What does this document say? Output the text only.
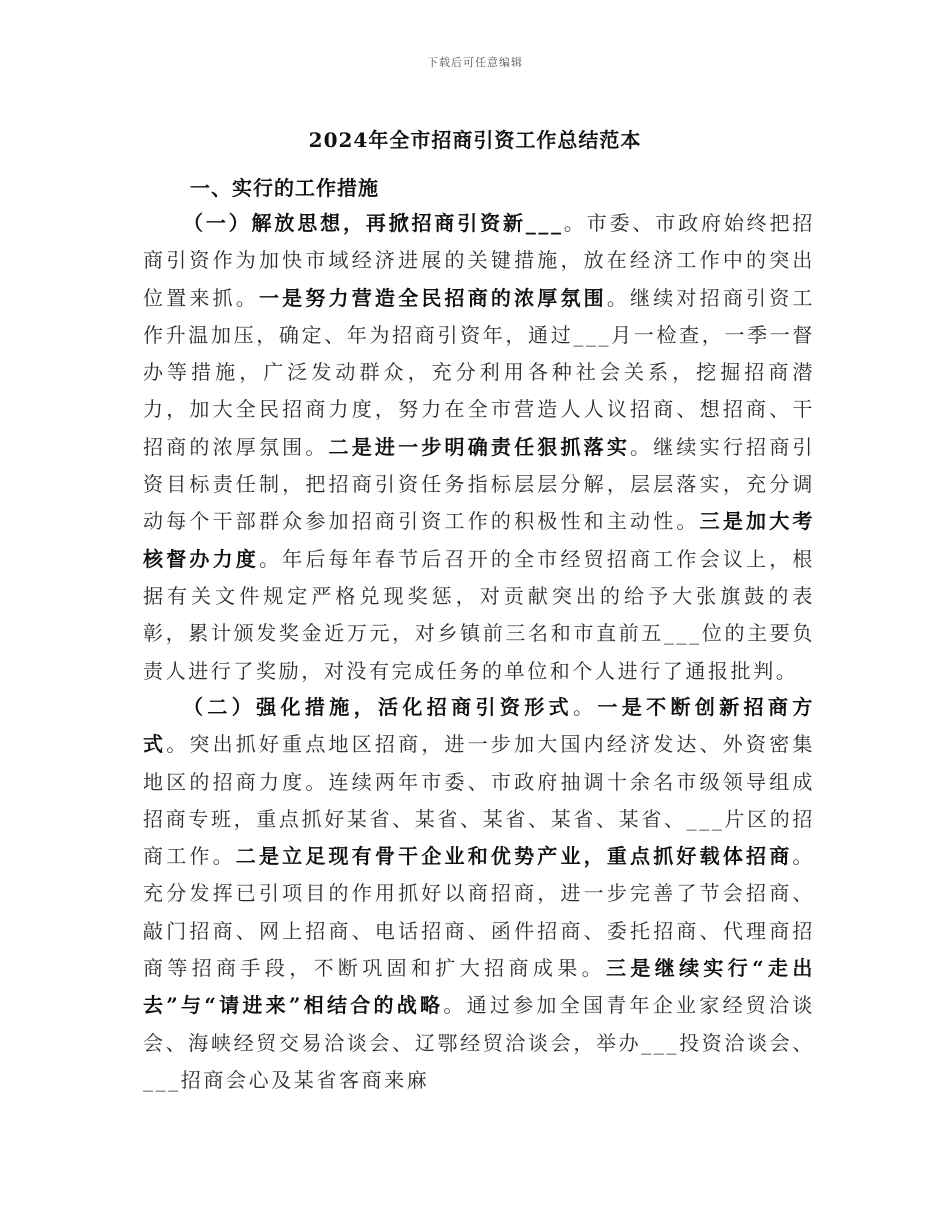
下载后可任意编辑
2024年全市招商引资工作总结范本
一、实行的工作措施

（一）解放思想，再掀招商引资新___。市委、市政府始终把招商引资作为加快市域经济进展的关键措施，放在经济工作中的突出位置来抓。一是努力营造全民招商的浓厚氛围。继续对招商引资工作升温加压，确定、年为招商引资年，通过___月一检查，一季一督办等措施，广泛发动群众，充分利用各种社会关系，挖掘招商潜力，加大全民招商力度，努力在全市营造人人议招商、想招商、干招商的浓厚氛围。二是进一步明确责任狠抓落实。继续实行招商引资目标责任制，把招商引资任务指标层层分解，层层落实，充分调动每个干部群众参加招商引资工作的积极性和主动性。三是加大考核督办力度。年后每年春节后召开的全市经贸招商工作会议上，根据有关文件规定严格兑现奖惩，对贡献突出的给予大张旗鼓的表彰，累计颁发奖金近万元，对乡镇前三名和市直前五___位的主要负责人进行了奖励，对没有完成任务的单位和个人进行了通报批判。

（二）强化措施，活化招商引资形式。一是不断创新招商方式。突出抓好重点地区招商，进一步加大国内经济发达、外资密集地区的招商力度。连续两年市委、市政府抽调十余名市级领导组成招商专班，重点抓好某省、某省、某省、某省、某省、___片区的招商工作。二是立足现有骨干企业和优势产业，重点抓好载体招商。充分发挥已引项目的作用抓好以商招商，进一步完善了节会招商、敲门招商、网上招商、电话招商、函件招商、委托招商、代理商招商等招商手段，不断巩固和扩大招商成果。三是继续实行“走出去”与“请进来”相结合的战略。通过参加全国青年企业家经贸洽谈会、海峡经贸交易洽谈会、辽鄂经贸洽谈会，举办___投资洽谈会、___招商会心及某省客商来麻
